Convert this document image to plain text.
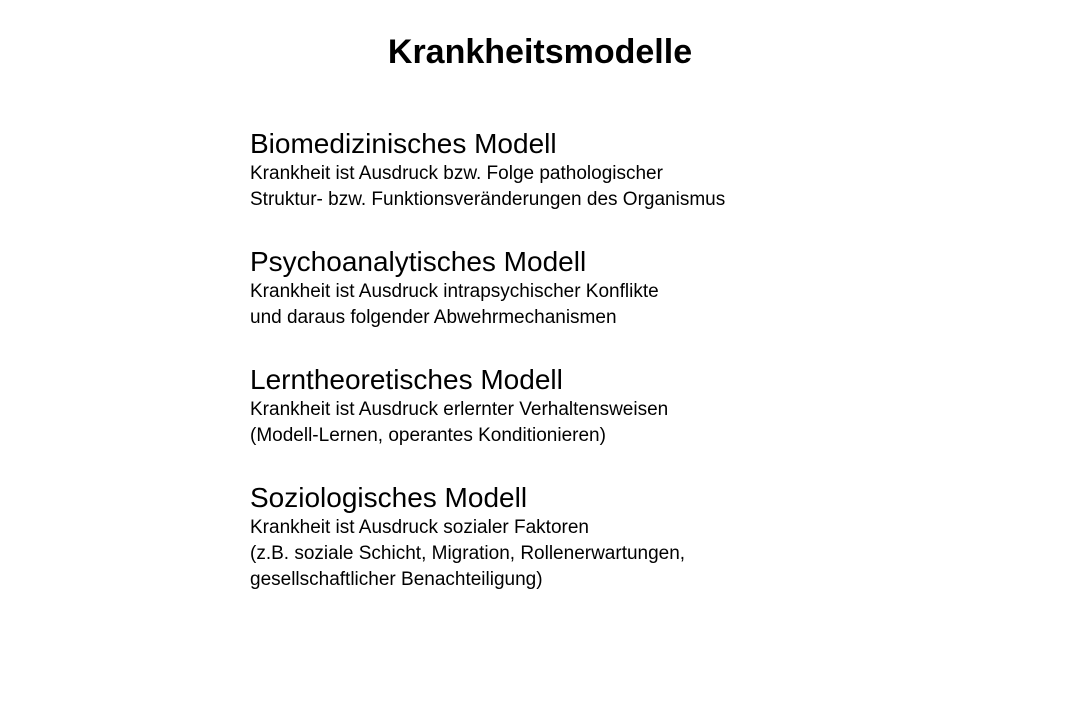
Krankheitsmodelle
Biomedizinisches Modell
Krankheit ist Ausdruck bzw. Folge pathologischer
Struktur- bzw. Funktionsveränderungen des Organismus
Psychoanalytisches Modell
Krankheit ist Ausdruck intrapsychischer Konflikte
und daraus folgender Abwehrmechanismen
Lerntheoretisches Modell
Krankheit ist Ausdruck erlernter Verhaltensweisen
(Modell-Lernen, operantes Konditionieren)
Soziologisches Modell
Krankheit ist Ausdruck sozialer Faktoren
(z.B. soziale Schicht, Migration, Rollenerwartungen,
gesellschaftlicher Benachteiligung)
